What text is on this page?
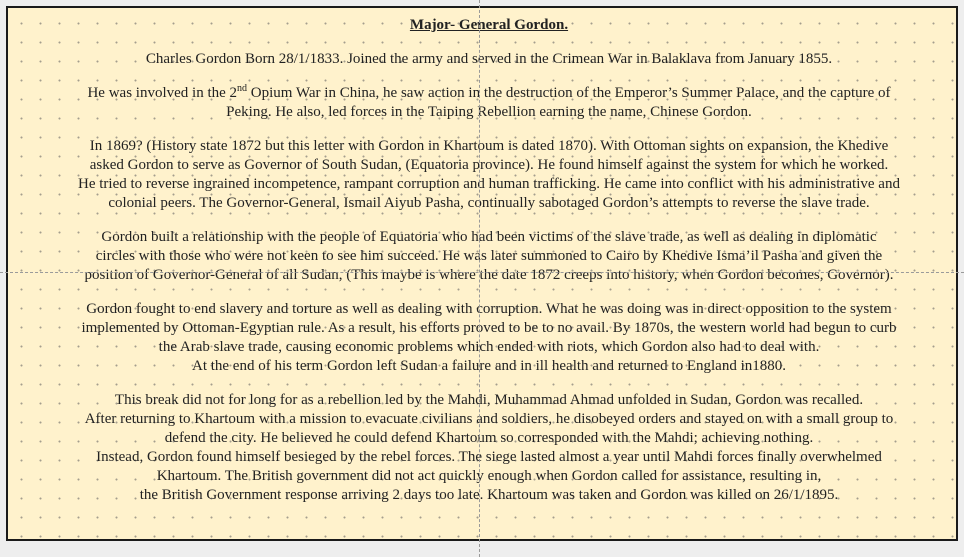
Major- General Gordon.
Charles Gordon Born 28/1/1833. Joined the army and served in the Crimean War in Balaklava from January 1855.
He was involved in the 2nd Opium War in China, he saw action in the destruction of the Emperor’s Summer Palace, and the capture of
Peking. He also, led forces in the Taiping Rebellion earning the name, Chinese Gordon.
In 1869? (History state 1872 but this letter with Gordon in Khartoum is dated 1870). With Ottoman sights on expansion, the Khedive
asked Gordon to serve as Governor of South Sudan, (Equatoria province). He found himself against the system for which he worked.
He tried to reverse ingrained incompetence, rampant corruption and human trafficking. He came into conflict with his administrative and
colonial peers. The Governor-General, Ismail Aiyub Pasha, continually sabotaged Gordon’s attempts to reverse the slave trade.
Gordon built a relationship with the people of Equatoria who had been victims of the slave trade, as well as dealing in diplomatic
circles with those who were not keen to see him succeed. He was later summoned to Cairo by Khedive Isma’il Pasha and given the
position of Governor-General of all Sudan, (This maybe is where the date 1872 creeps into history, when Gordon becomes, Governor).
Gordon fought to end slavery and torture as well as dealing with corruption. What he was doing was in direct opposition to the system
implemented by Ottoman-Egyptian rule. As a result, his efforts proved to be to no avail. By 1870s, the western world had begun to curb
the Arab slave trade, causing economic problems which ended with riots, which Gordon also had to deal with.
At the end of his term Gordon left Sudan a failure and in ill health and returned to England in1880.
This break did not for long for as a rebellion led by the Mahdi, Muhammad Ahmad unfolded in Sudan, Gordon was recalled.
After returning to Khartoum with a mission to evacuate civilians and soldiers, he disobeyed orders and stayed on with a small group to
defend the city. He believed he could defend Khartoum so corresponded with the Mahdi; achieving nothing.
Instead, Gordon found himself besieged by the rebel forces. The siege lasted almost a year until Mahdi forces finally overwhelmed
Khartoum. The British government did not act quickly enough when Gordon called for assistance, resulting in,
the British Government response arriving 2 days too late. Khartoum was taken and Gordon was killed on 26/1/1895.
